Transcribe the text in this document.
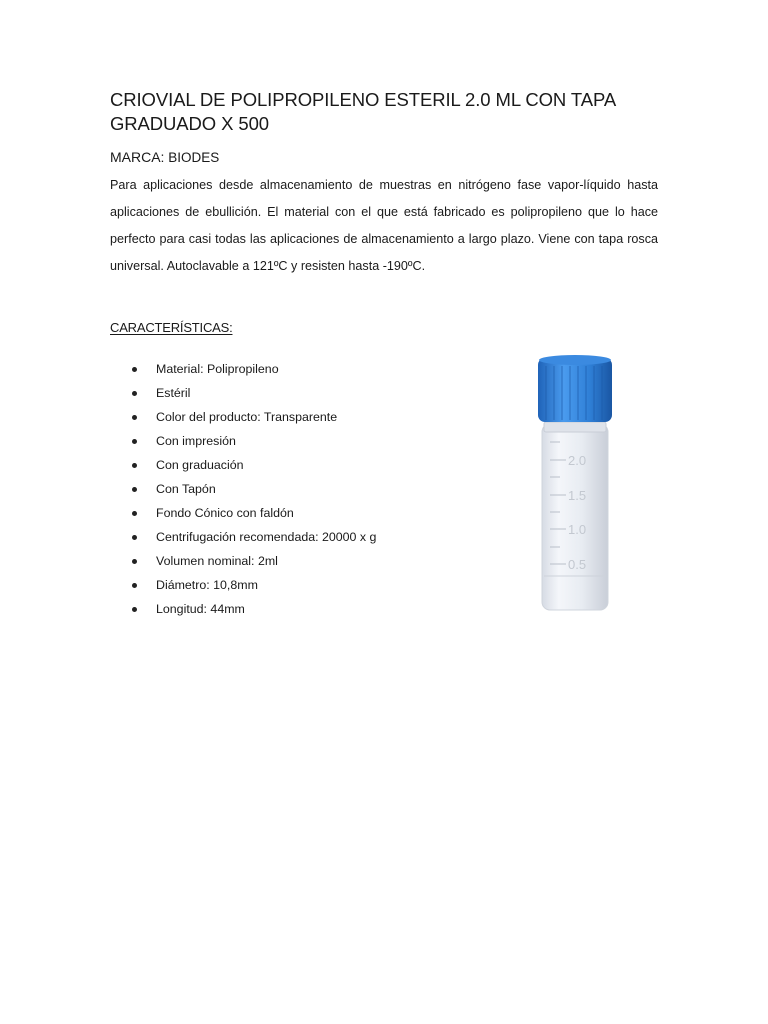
CRIOVIAL DE POLIPROPILENO ESTERIL 2.0 ML CON TAPA GRADUADO X 500
MARCA: BIODES

Para aplicaciones desde almacenamiento de muestras en nitrógeno fase vapor-líquido hasta aplicaciones de ebullición. El material con el que está fabricado es polipropileno que lo hace perfecto para casi todas las aplicaciones de almacenamiento a largo plazo. Viene con tapa rosca universal. Autoclavable a 121ºC y resisten hasta -190ºC.

CARACTERÍSTICAS:
Material: Polipropileno
Estéril
Color del producto: Transparente
Con impresión
Con graduación
Con Tapón
Fondo Cónico con faldón
Centrifugación recomendada: 20000 x g
Volumen nominal: 2ml
Diámetro: 10,8mm
Longitud: 44mm
2.0
1.5
1.0
0.5
